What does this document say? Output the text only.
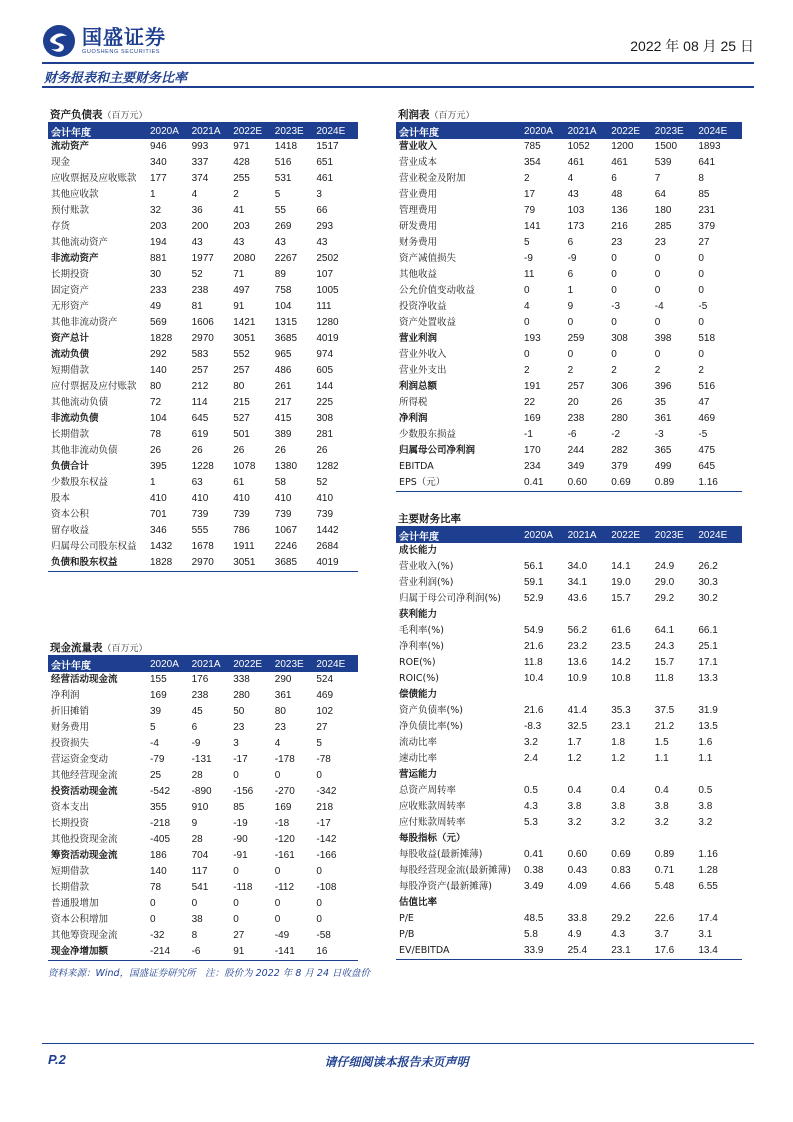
国盛证券
GUOSHENG SECURITIES	2022 年 08 月 25 日
财务报表和主要财务比率
资产负债表（百万元）
会计年度	2020A	2021A	2022E	2023E	2024E
流动资产	946	993	971	1418	1517
现金	340	337	428	516	651
应收票据及应收账款	177	374	255	531	461
其他应收款	1	4	2	5	3
预付账款	32	36	41	55	66
存货	203	200	203	269	293
其他流动资产	194	43	43	43	43
非流动资产	881	1977	2080	2267	2502
长期投资	30	52	71	89	107
固定资产	233	238	497	758	1005
无形资产	49	81	91	104	111
其他非流动资产	569	1606	1421	1315	1280
资产总计	1828	2970	3051	3685	4019
流动负债	292	583	552	965	974
短期借款	140	257	257	486	605
应付票据及应付账款	80	212	80	261	144
其他流动负债	72	114	215	217	225
非流动负债	104	645	527	415	308
长期借款	78	619	501	389	281
其他非流动负债	26	26	26	26	26
负债合计	395	1228	1078	1380	1282
少数股东权益	1	63	61	58	52
股本	410	410	410	410	410
资本公积	701	739	739	739	739
留存收益	346	555	786	1067	1442
归属母公司股东权益	1432	1678	1911	2246	2684
负债和股东权益	1828	2970	3051	3685	4019
利润表（百万元）
会计年度	2020A	2021A	2022E	2023E	2024E
营业收入	785	1052	1200	1500	1893
营业成本	354	461	461	539	641
营业税金及附加	2	4	6	7	8
营业费用	17	43	48	64	85
管理费用	79	103	136	180	231
研发费用	141	173	216	285	379
财务费用	5	6	23	23	27
资产减值损失	-9	-9	0	0	0
其他收益	11	6	0	0	0
公允价值变动收益	0	1	0	0	0
投资净收益	4	9	-3	-4	-5
资产处置收益	0	0	0	0	0
营业利润	193	259	308	398	518
营业外收入	0	0	0	0	0
营业外支出	2	2	2	2	2
利润总额	191	257	306	396	516
所得税	22	20	26	35	47
净利润	169	238	280	361	469
少数股东损益	-1	-6	-2	-3	-5
归属母公司净利润	170	244	282	365	475
EBITDA	234	349	379	499	645
EPS（元）	0.41	0.60	0.69	0.89	1.16
主要财务比率
会计年度	2020A	2021A	2022E	2023E	2024E
成长能力					
营业收入(%)	56.1	34.0	14.1	24.9	26.2
营业利润(%)	59.1	34.1	19.0	29.0	30.3
归属于母公司净利润(%)	52.9	43.6	15.7	29.2	30.2
获利能力					
毛利率(%)	54.9	56.2	61.6	64.1	66.1
净利率(%)	21.6	23.2	23.5	24.3	25.1
ROE(%)	11.8	13.6	14.2	15.7	17.1
ROIC(%)	10.4	10.9	10.8	11.8	13.3
偿债能力					
资产负债率(%)	21.6	41.4	35.3	37.5	31.9
净负债比率(%)	-8.3	32.5	23.1	21.2	13.5
流动比率	3.2	1.7	1.8	1.5	1.6
速动比率	2.4	1.2	1.2	1.1	1.1
营运能力					
总资产周转率	0.5	0.4	0.4	0.4	0.5
应收账款周转率	4.3	3.8	3.8	3.8	3.8
应付账款周转率	5.3	3.2	3.2	3.2	3.2
每股指标（元）					
每股收益(最新摊薄)	0.41	0.60	0.69	0.89	1.16
每股经营现金流(最新摊薄)	0.38	0.43	0.83	0.71	1.28
每股净资产(最新摊薄)	3.49	4.09	4.66	5.48	6.55
估值比率					
P/E	48.5	33.8	29.2	22.6	17.4
P/B	5.8	4.9	4.3	3.7	3.1
EV/EBITDA	33.9	25.4	23.1	17.6	13.4
现金流量表（百万元）
会计年度	2020A	2021A	2022E	2023E	2024E
经营活动现金流	155	176	338	290	524
净利润	169	238	280	361	469
折旧摊销	39	45	50	80	102
财务费用	5	6	23	23	27
投资损失	-4	-9	3	4	5
营运资金变动	-79	-131	-17	-178	-78
其他经营现金流	25	28	0	0	0
投资活动现金流	-542	-890	-156	-270	-342
资本支出	355	910	85	169	218
长期投资	-218	9	-19	-18	-17
其他投资现金流	-405	28	-90	-120	-142
筹资活动现金流	186	704	-91	-161	-166
短期借款	140	117	0	0	0
长期借款	78	541	-118	-112	-108
普通股增加	0	0	0	0	0
资本公积增加	0	38	0	0	0
其他筹资现金流	-32	8	27	-49	-58
现金净增加额	-214	-6	91	-141	16
资料来源：Wind，国盛证券研究所　注：股价为 2022 年 8 月 24 日收盘价
P.2	请仔细阅读本报告末页声明
